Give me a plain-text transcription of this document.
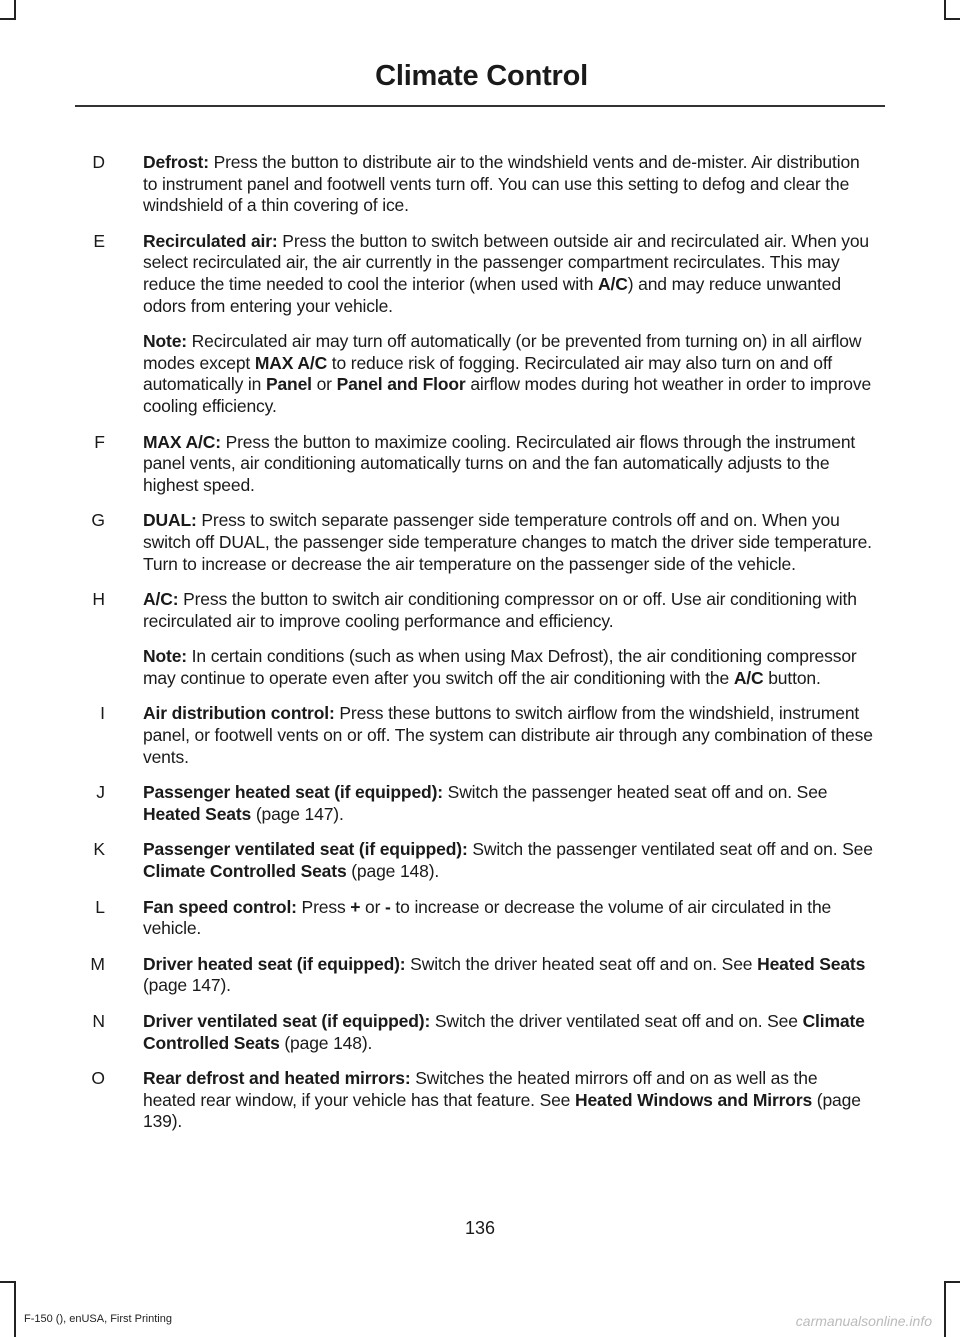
Climate Control
D Defrost: Press the button to distribute air to the windshield vents and de-mister. Air distribution to instrument panel and footwell vents turn off. You can use this setting to defog and clear the windshield of a thin covering of ice.
E Recirculated air: Press the button to switch between outside air and recirculated air. When you select recirculated air, the air currently in the passenger compartment recirculates. This may reduce the time needed to cool the interior (when used with A/C) and may reduce unwanted odors from entering your vehicle.
Note: Recirculated air may turn off automatically (or be prevented from turning on) in all airflow modes except MAX A/C to reduce risk of fogging. Recirculated air may also turn on and off automatically in Panel or Panel and Floor airflow modes during hot weather in order to improve cooling efficiency.
F MAX A/C: Press the button to maximize cooling. Recirculated air flows through the instrument panel vents, air conditioning automatically turns on and the fan automatically adjusts to the highest speed.
G DUAL: Press to switch separate passenger side temperature controls off and on. When you switch off DUAL, the passenger side temperature changes to match the driver side temperature. Turn to increase or decrease the air temperature on the passenger side of the vehicle.
H A/C: Press the button to switch air conditioning compressor on or off. Use air conditioning with recirculated air to improve cooling performance and efficiency.
Note: In certain conditions (such as when using Max Defrost), the air conditioning compressor may continue to operate even after you switch off the air conditioning with the A/C button.
I Air distribution control: Press these buttons to switch airflow from the windshield, instrument panel, or footwell vents on or off. The system can distribute air through any combination of these vents.
J Passenger heated seat (if equipped): Switch the passenger heated seat off and on. See Heated Seats (page 147).
K Passenger ventilated seat (if equipped): Switch the passenger ventilated seat off and on. See Climate Controlled Seats (page 148).
L Fan speed control: Press + or - to increase or decrease the volume of air circulated in the vehicle.
M Driver heated seat (if equipped): Switch the driver heated seat off and on. See Heated Seats (page 147).
N Driver ventilated seat (if equipped): Switch the driver ventilated seat off and on. See Climate Controlled Seats (page 148).
O Rear defrost and heated mirrors: Switches the heated mirrors off and on as well as the heated rear window, if your vehicle has that feature. See Heated Windows and Mirrors (page 139).
136
F-150 (), enUSA, First Printing	carmanualsonline.info
